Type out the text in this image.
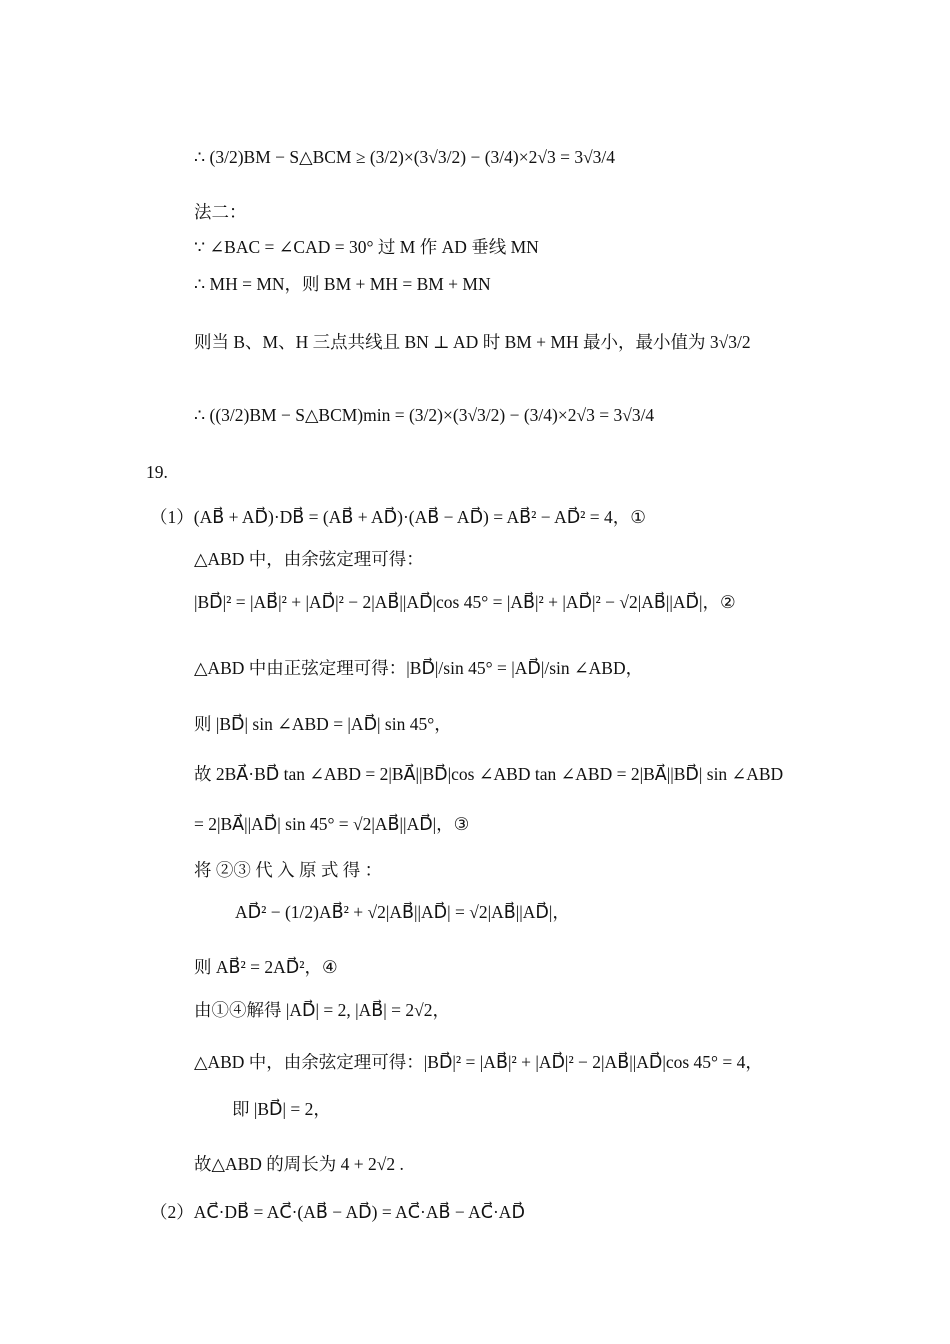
∴ (3/2)BM − S△BCM ≥ (3/2)×(3√3/2) − (3/4)×2√3 = 3√3/4
法二：
∵ ∠BAC = ∠CAD = 30° 过 M 作 AD 垂线 MN
∴ MH = MN，则 BM + MH = BM + MN
则当 B、M、H 三点共线且 BN ⊥ AD 时 BM + MH 最小，最小值为 3√3/2
∴ ((3/2)BM − S△BCM)min = (3/2)×(3√3/2) − (3/4)×2√3 = 3√3/4
19.
（1）(AB⃗ + AD⃗)·DB⃗ = (AB⃗ + AD⃗)·(AB⃗ − AD⃗) = AB⃗² − AD⃗² = 4，①
△ABD 中，由余弦定理可得：
|BD⃗|² = |AB⃗|² + |AD⃗|² − 2|AB⃗||AD⃗|cos 45° = |AB⃗|² + |AD⃗|² − √2|AB⃗||AD⃗|，②
△ABD 中由正弦定理可得：|BD⃗|/sin 45° = |AD⃗|/sin ∠ABD，
则 |BD⃗| sin ∠ABD = |AD⃗| sin 45°，
故 2BA⃗·BD⃗ tan ∠ABD = 2|BA⃗||BD⃗|cos ∠ABD tan ∠ABD = 2|BA⃗||BD⃗| sin ∠ABD
= 2|BA⃗||AD⃗| sin 45° = √2|AB⃗||AD⃗|，③
将 ②③ 代 入 原 式 得 ：
AD⃗² − (1/2)AB⃗² + √2|AB⃗||AD⃗| = √2|AB⃗||AD⃗|，
则 AB⃗² = 2AD⃗²，④
由①④解得 |AD⃗| = 2, |AB⃗| = 2√2，
△ABD 中，由余弦定理可得：|BD⃗|² = |AB⃗|² + |AD⃗|² − 2|AB⃗||AD⃗|cos 45° = 4，
即 |BD⃗| = 2，
故△ABD 的周长为 4 + 2√2 .
（2）AC⃗·DB⃗ = AC⃗·(AB⃗ − AD⃗) = AC⃗·AB⃗ − AC⃗·AD⃗
